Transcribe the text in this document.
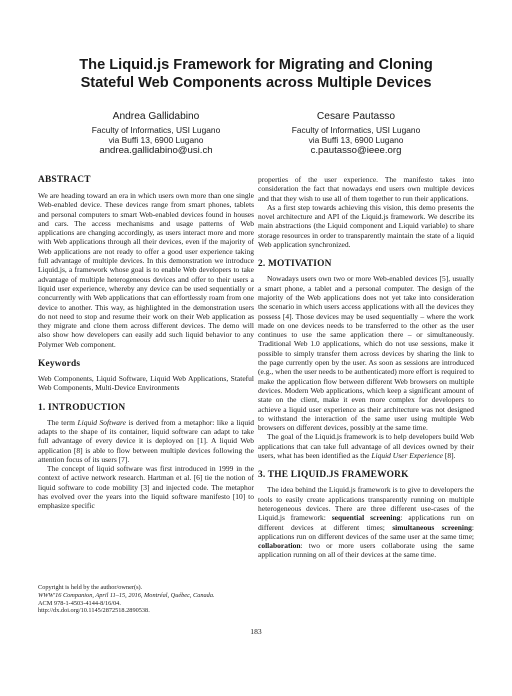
The Liquid.js Framework for Migrating and Cloning
Stateful Web Components across Multiple Devices
Andrea Gallidabino
Faculty of Informatics, USI Lugano
via Buffi 13, 6900 Lugano
andrea.gallidabino@usi.ch
Cesare Pautasso
Faculty of Informatics, USI Lugano
via Buffi 13, 6900 Lugano
c.pautasso@ieee.org
ABSTRACT

We are heading toward an era in which users own more than one single Web-enabled device. These devices range from smart phones, tablets and personal computers to smart Web-enabled devices found in houses and cars. The access mechanisms and usage patterns of Web applications are changing accordingly, as users interact more and more with Web applications through all their devices, even if the majority of Web applications are not ready to offer a good user experience taking full advantage of multiple devices. In this demonstration we introduce Liquid.js, a framework whose goal is to enable Web developers to take advantage of multiple heterogeneous devices and offer to their users a liquid user experience, whereby any device can be used sequentially or concurrently with Web applications that can effortlessly roam from one device to another. This way, as highlighted in the demonstration users do not need to stop and resume their work on their Web application as they migrate and clone them across different devices. The demo will also show how developers can easily add such liquid behavior to any Polymer Web component.

Keywords

Web Components, Liquid Software, Liquid Web Applications, Stateful Web Components, Multi-Device Environments

1. INTRODUCTION

The term Liquid Software is derived from a metaphor: like a liquid adapts to the shape of its container, liquid software can adapt to take full advantage of every device it is deployed on [1]. A liquid Web application [8] is able to flow between multiple devices following the attention focus of its users [7].

The concept of liquid software was first introduced in 1999 in the context of active network research. Hartman et al. [6] tie the notion of liquid software to code mobility [3] and injected code. The metaphor has evolved over the years into the liquid software manifesto [10] to emphasize specific

Copyright is held by the author/owner(s).
WWW'16 Companion, April 11–15, 2016, Montréal, Québec, Canada.
ACM 978-1-4503-4144-8/16/04.
http://dx.doi.org/10.1145/2872518.2890538.

properties of the user experience. The manifesto takes into consideration the fact that nowadays end users own multiple devices and that they wish to use all of them together to run their applications.

As a first step towards achieving this vision, this demo presents the novel architecture and API of the Liquid.js framework. We describe its main abstractions (the Liquid component and Liquid variable) to share storage resources in order to transparently maintain the state of a liquid Web application synchronized.

2. MOTIVATION

Nowadays users own two or more Web-enabled devices [5], usually a smart phone, a tablet and a personal computer. The design of the majority of the Web applications does not yet take into consideration the scenario in which users access applications with all the devices they possess [4]. Those devices may be used sequentially – where the work made on one devices needs to be transferred to the other as the user continues to use the same application there – or simultaneously. Traditional Web 1.0 applications, which do not use sessions, make it possible to simply transfer them across devices by sharing the link to the page currently open by the user. As soon as sessions are introduced (e.g., when the user needs to be authenticated) more effort is required to make the application flow between different Web browsers on multiple devices. Modern Web applications, which keep a significant amount of state on the client, make it even more complex for developers to achieve a liquid user experience as their architecture was not designed to withstand the interaction of the same user using multiple Web browsers on different devices, possibly at the same time.

The goal of the Liquid.js framework is to help developers build Web applications that can take full advantage of all devices owned by their users, what has been identified as the Liquid User Experience [8].

3. THE LIQUID.JS FRAMEWORK

The idea behind the Liquid.js framework is to give to developers the tools to easily create applications transparently running on multiple heterogeneous devices. There are three different use-cases of the Liquid.js framework: sequential screening: applications run on different devices at different times; simultaneous screening: applications run on different devices of the same user at the same time; collaboration: two or more users collaborate using the same application running on all of their devices at the same time.

183
